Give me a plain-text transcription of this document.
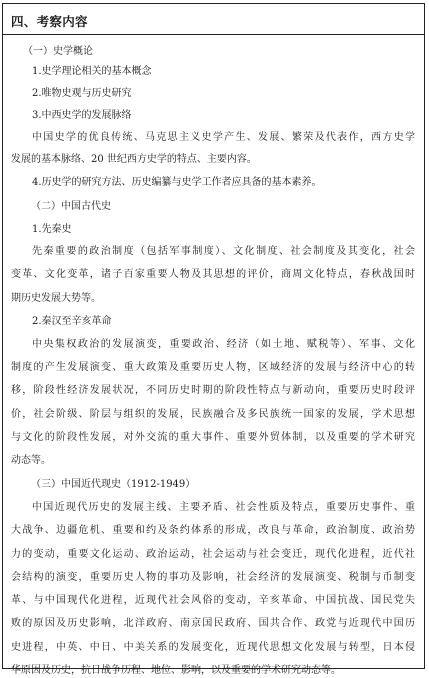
四、考察内容
（一）史学概论
1.史学理论相关的基本概念
2.唯物史观与历史研究
3.中西史学的发展脉络
中国史学的优良传统、马克思主义史学产生、发展、繁荣及代表作，西方史学
发展的基本脉络、20 世纪西方史学的特点、主要内容。
4.历史学的研究方法、历史编纂与史学工作者应具备的基本素养。
（二）中国古代史
1.先秦史
先秦重要的政治制度（包括军事制度）、文化制度、社会制度及其变化，社会
变革、文化变革，诸子百家重要人物及其思想的评价，商周文化特点，春秋战国时
期历史发展大势等。
2.秦汉至辛亥革命
中央集权政治的发展演变，重要政治、经济（如土地、赋税等）、军事、文化
制度的产生发展演变、重大政策及重要历史人物，区域经济的发展与经济中心的转
移，阶段性经济发展状况，不同历史时期的阶段性特点与新动向，重要历史时段评
价，社会阶级、阶层与组织的发展，民族融合及多民族统一国家的发展，学术思想
与文化的阶段性发展，对外交流的重大事件、重要外贸体制，以及重要的学术研究
动态等。
（三）中国近代现史（1912-1949）
中国近现代历史的发展主线、主要矛盾、社会性质及特点，重要历史事件、重
大战争、边疆危机、重要和约及条约体系的形成，改良与革命，政治制度、政治势
力的变动，重要文化运动、政治运动，社会运动与社会变迁，现代化进程，近代社
会结构的演变，重要历史人物的事功及影响，社会经济的发展演变、税制与币制变
革、与中国现代化进程，近现代社会风俗的变动，辛亥革命、中国抗战、国民党失
败的原因及历史影响，北洋政府、南京国民政府、国共合作、政党与近现代中国历
史进程，中英、中日、中美关系的发展变化，近现代思想文化发展与转型，日本侵
华原因及历史，抗日战争历程、地位、影响，以及重要的学术研究动态等。
